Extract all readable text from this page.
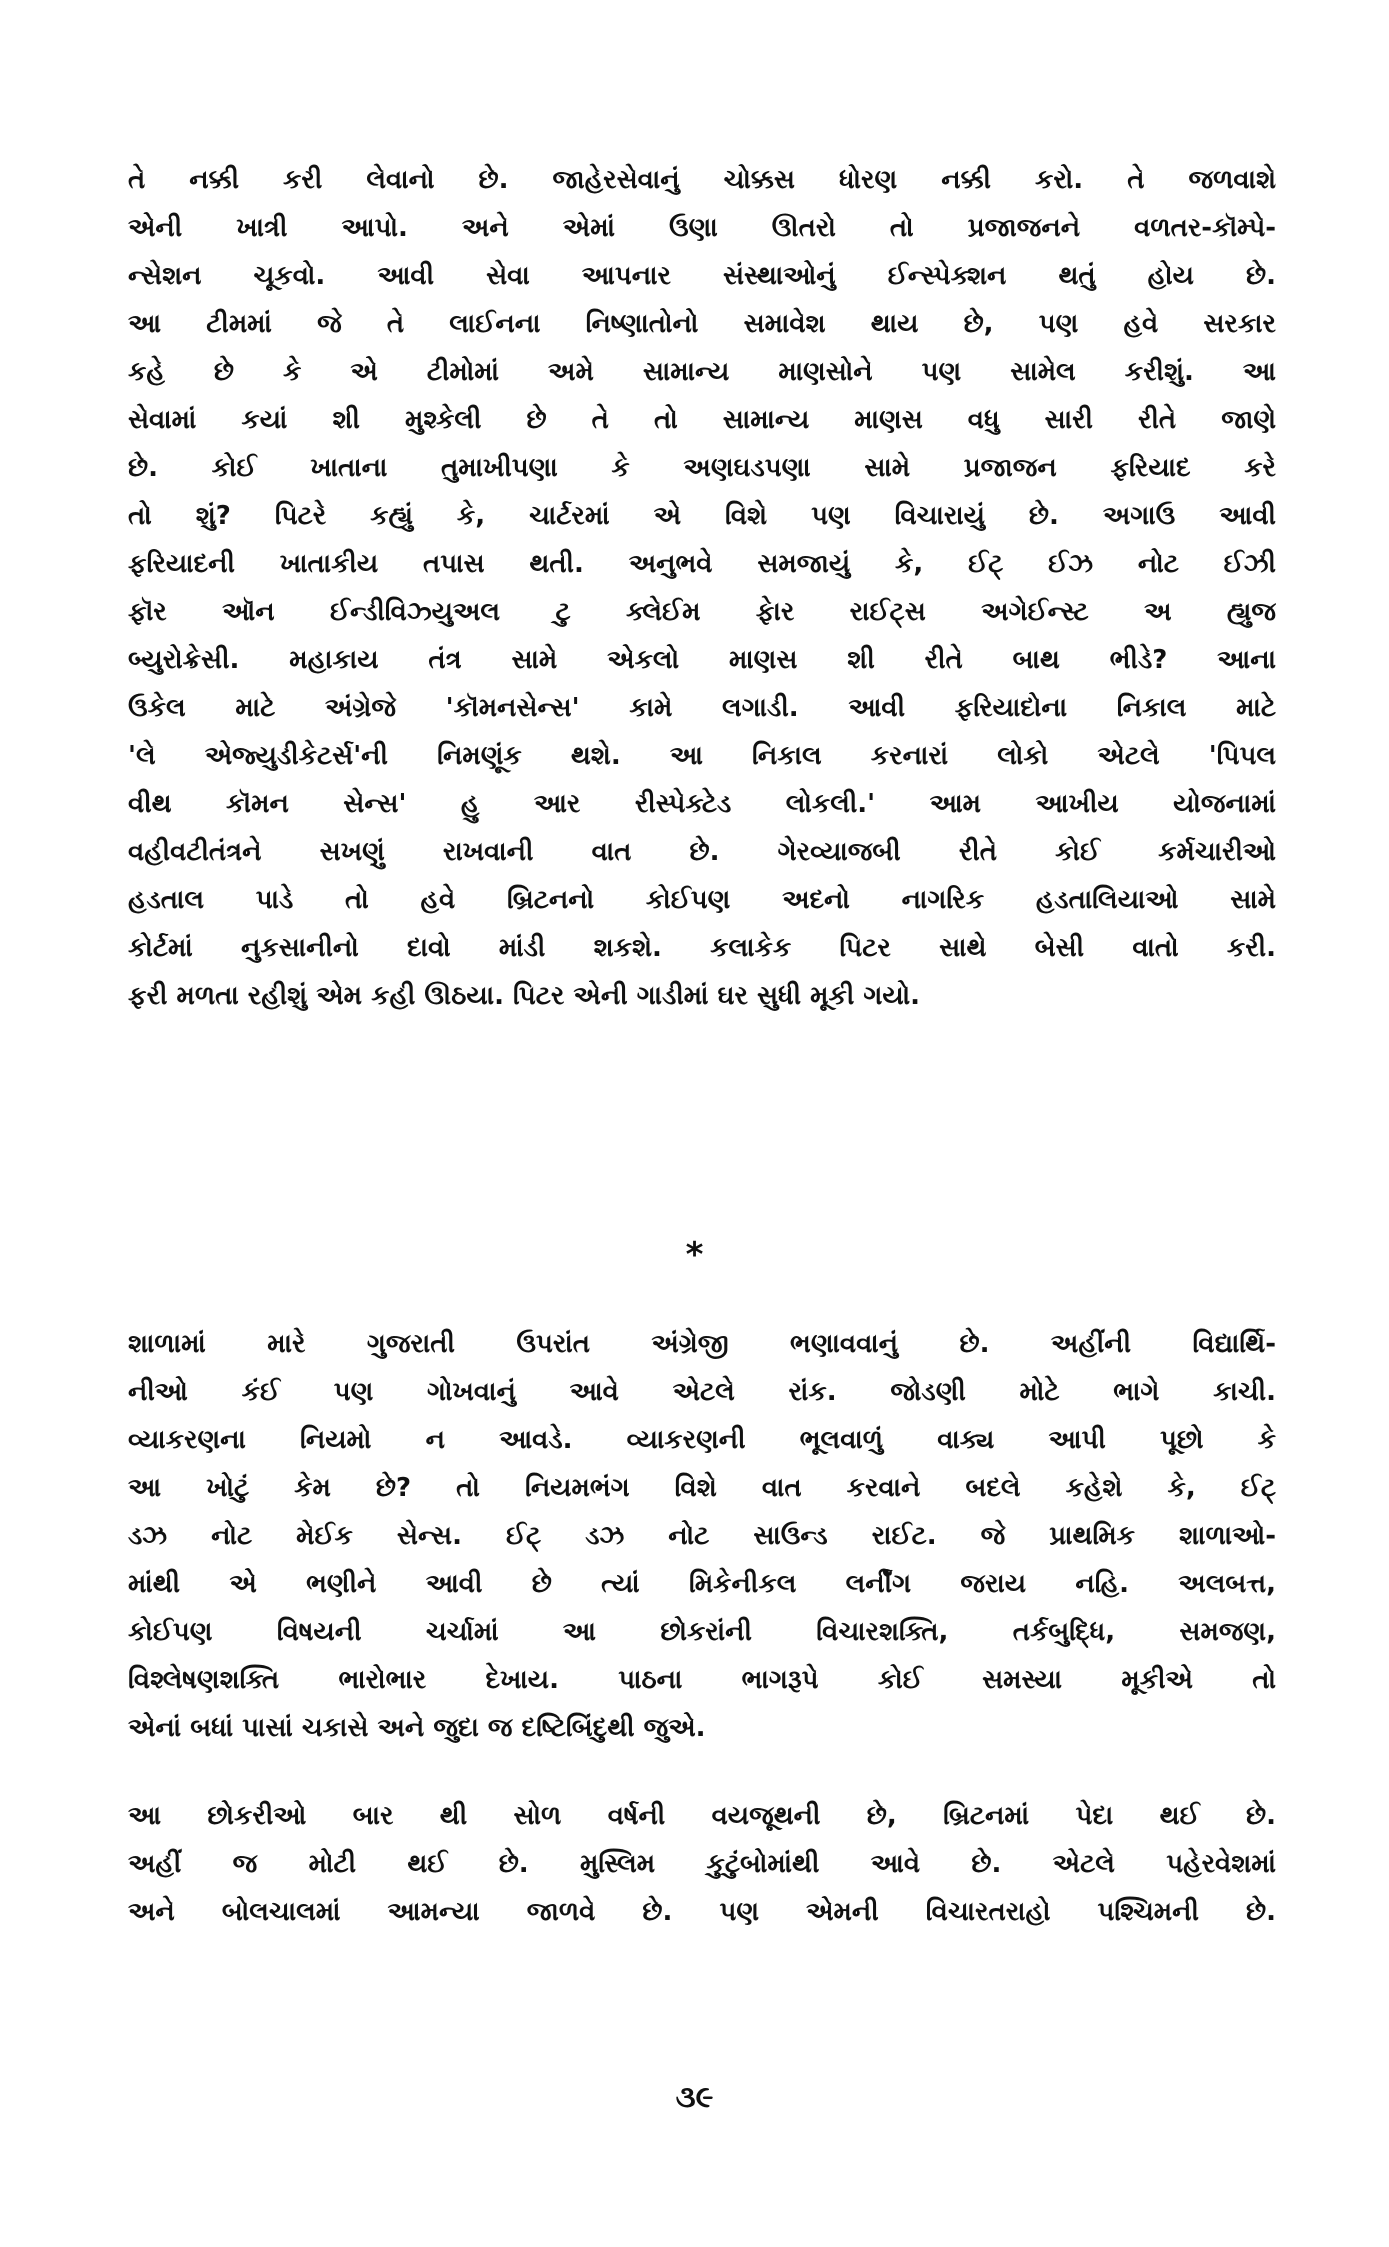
તે નક્કી કરી લેવાનો છે. જાહેરસેવાનું ચોક્કસ ધોરણ નક્કી કરો. તે જળવાશે
એની ખાત્રી આપો. અને એમાં ઉણા ઊતરો તો પ્રજાજનને વળતર-કૉમ્પે-
ન્સેશન ચૂકવો. આવી સેવા આપનાર સંસ્થાઓનું ઈન્સ્પેક્શન થતું હોય છે.
આ ટીમમાં જે તે લાઈનના નિષ્ણાતોનો સમાવેશ થાય છે, પણ હવે સરકાર
કહે છે કે એ ટીમોમાં અમે સામાન્ય માણસોને પણ સામેલ કરીશું. આ
સેવામાં કયાં શી મુશ્કેલી છે તે તો સામાન્ય માણસ વધુ સારી રીતે જાણે
છે. કોઈ ખાતાના તુમાખીપણા કે અણઘડપણા સામે પ્રજાજન ફરિયાદ કરે
તો શું? પિટરે કહ્યું કે, ચાર્ટરમાં એ વિશે પણ વિચારાયું છે. અગાઉ આવી
ફરિયાદની ખાતાકીય તપાસ થતી. અનુભવે સમજાયું કે, ઈટ્ ઈઝ નોટ ઈઝી
ફૉર ઑન ઈન્ડીવિઝ્યુઅલ ટુ ક્લેઈમ ફેાર રાઈટ્સ અગેઈન્સ્ટ અ હ્યુજ
બ્યુરોક્રેસી. મહાકાય તંત્ર સામે એકલો માણસ શી રીતે બાથ ભીડે? આના
ઉકેલ માટે અંગ્રેજે 'કૉમનસેન્સ' કામે લગાડી. આવી ફરિયાદોના નિકાલ માટે
'લે એજ્યુડીકેટર્સ'ની નિમણૂંક થશે. આ નિકાલ કરનારાં લોકો એટલે 'પિપલ
વીથ કૉમન સેન્સ' હુ આર રીસ્પેક્ટેડ લોકલી.' આમ આખીય યોજનામાં
વહીવટીતંત્રને સખણું રાખવાની વાત છે. ગેરવ્યાજબી રીતે કોઈ કર્મચારીઓ
હડતાલ પાડે તો હવે બ્રિટનનો કોઈપણ અદનો નાગરિક હડતાલિયાઓ સામે
કોર્ટમાં નુકસાનીનો દાવો માંડી શકશે. કલાકેક પિટર સાથે બેસી વાતો કરી.
ફરી મળતા રહીશું એમ કહી ઊઠયા. પિટર એની ગાડીમાં ઘર સુધી મૂકી ગયો.
*
શાળામાં મારે ગુજરાતી ઉપરાંત અંગ્રેજી ભણાવવાનું છે. અહીંની વિદ્યાર્થિ-
નીઓ કંઈ પણ ગોખવાનું આવે એટલે રાંક. જોડણી મોટે ભાગે કાચી.
વ્યાકરણના નિયમો ન આવડે. વ્યાકરણની ભૂલવાળું વાક્ય આપી પૂછો કે
આ ખોટું કેમ છે? તો નિયમભંગ વિશે વાત કરવાને બદલે કહેશે કે, ઈટ્
ડઝ નોટ મેઈક સેન્સ. ઈટ્ ડઝ નોટ સાઉન્ડ રાઈટ. જે પ્રાથમિક શાળાઓ-
માંથી એ ભણીને આવી છે ત્યાં મિકેનીકલ લર્નીંગ જરાય નહિ. અલબત્ત,
કોઈપણ વિષયની ચર્ચામાં આ છોકરાંની વિચારશક્તિ, તર્કબુદ્ધિ, સમજણ,
વિશ્લેષણશક્તિ ભારોભાર દેખાય. પાઠના ભાગરૂપે કોઈ સમસ્યા મૂકીએ તો
એનાં બધાં પાસાં ચકાસે અને જુદા જ દષ્ટિબિંદુથી જુએ.
આ છોકરીઓ બાર થી સોળ વર્ષની વયજૂથની છે, બ્રિટનમાં પેદા થઈ છે.
અહીં જ મોટી થઈ છે. મુસ્લિમ કુટુંબોમાંથી આવે છે. એટલે પહેરવેશમાં
અને બોલચાલમાં આમન્યા જાળવે છે. પણ એમની વિચારતરાહો પશ્ચિમની છે.
૩૯
